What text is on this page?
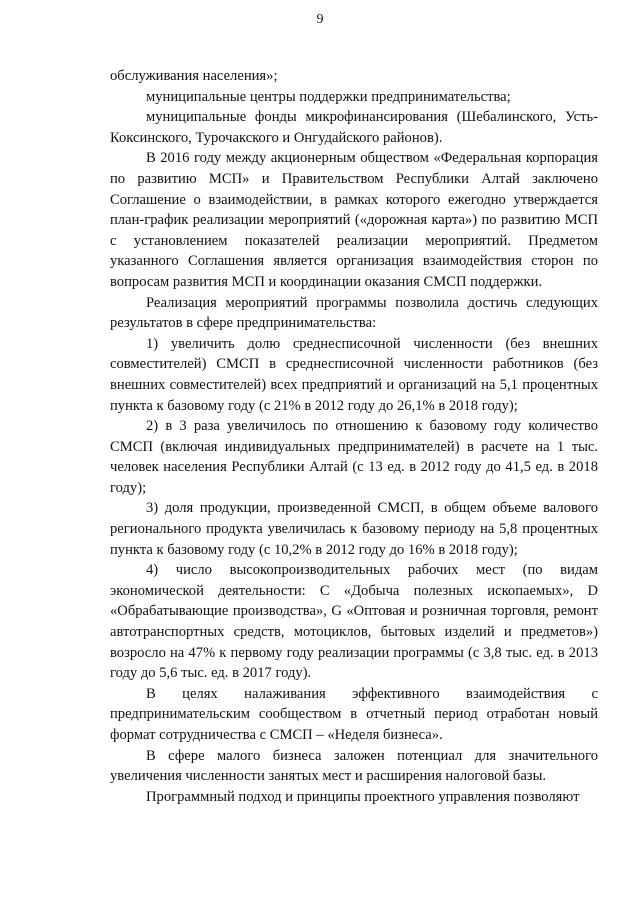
9

обслуживания населения»;

муниципальные центры поддержки предпринимательства;

муниципальные фонды микрофинансирования (Шебалинского, Усть-Коксинского, Турочакского и Онгудайского районов).

В 2016 году между акционерным обществом «Федеральная корпорация по развитию МСП» и Правительством Республики Алтай заключено Соглашение о взаимодействии, в рамках которого ежегодно утверждается план-график реализации мероприятий («дорожная карта») по развитию МСП с установлением показателей реализации мероприятий. Предметом указанного Соглашения является организация взаимодействия сторон по вопросам развития МСП и координации оказания СМСП поддержки.

Реализация мероприятий программы позволила достичь следующих результатов в сфере предпринимательства:

1) увеличить долю среднесписочной численности (без внешних совместителей) СМСП в среднесписочной численности работников (без внешних совместителей) всех предприятий и организаций на 5,1 процентных пункта к базовому году (с 21% в 2012 году до 26,1% в 2018 году);

2) в 3 раза увеличилось по отношению к базовому году количество СМСП (включая индивидуальных предпринимателей) в расчете на 1 тыс. человек населения Республики Алтай (с 13 ед. в 2012 году до 41,5 ед. в 2018 году);

3) доля продукции, произведенной СМСП, в общем объеме валового регионального продукта увеличилась к базовому периоду на 5,8 процентных пункта к базовому году (с 10,2% в 2012 году до 16% в 2018 году);

4) число высокопроизводительных рабочих мест (по видам экономической деятельности: C «Добыча полезных ископаемых», D «Обрабатывающие производства», G «Оптовая и розничная торговля, ремонт автотранспортных средств, мотоциклов, бытовых изделий и предметов») возросло на 47% к первому году реализации программы (с 3,8 тыс. ед. в 2013 году до 5,6 тыс. ед. в 2017 году).

В целях налаживания эффективного взаимодействия с предпринимательским сообществом в отчетный период отработан новый формат сотрудничества с СМСП – «Неделя бизнеса».

В сфере малого бизнеса заложен потенциал для значительного увеличения численности занятых мест и расширения налоговой базы.

Программный подход и принципы проектного управления позволяют
